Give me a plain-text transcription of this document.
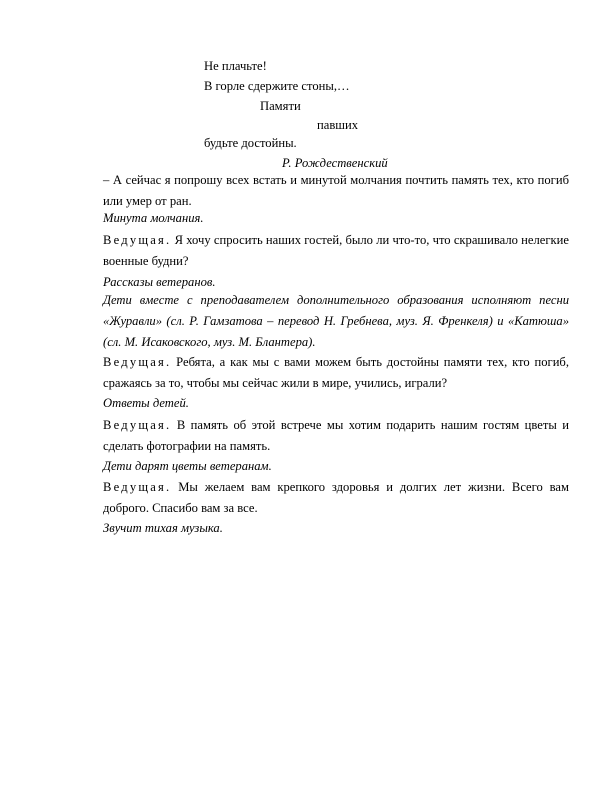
Не плачьте!
В горле сдержите стоны,…
Памяти
павших
будьте достойны.
Р. Рождественский
– А сейчас я попрошу всех встать и минутой молчания почтить память тех, кто погиб или умер от ран.
Минута молчания.
Ведущая. Я хочу спросить наших гостей, было ли что-то, что скрашивало нелегкие военные будни?
Рассказы ветеранов.
Дети вместе с преподавателем дополнительного образования исполняют песни «Журавли» (сл. Р. Гамзатова – перевод Н. Гребнева, муз. Я. Френкеля) и «Катюша» (сл. М. Исаковского, муз. М. Блантера).
Ведущая. Ребята, а как мы с вами можем быть достойны памяти тех, кто погиб, сражаясь за то, чтобы мы сейчас жили в мире, учились, играли?
Ответы детей.
Ведущая. В память об этой встрече мы хотим подарить нашим гостям цветы и сделать фотографии на память.
Дети дарят цветы ветеранам.
Ведущая. Мы желаем вам крепкого здоровья и долгих лет жизни. Всего вам доброго. Спасибо вам за все.
Звучит тихая музыка.
